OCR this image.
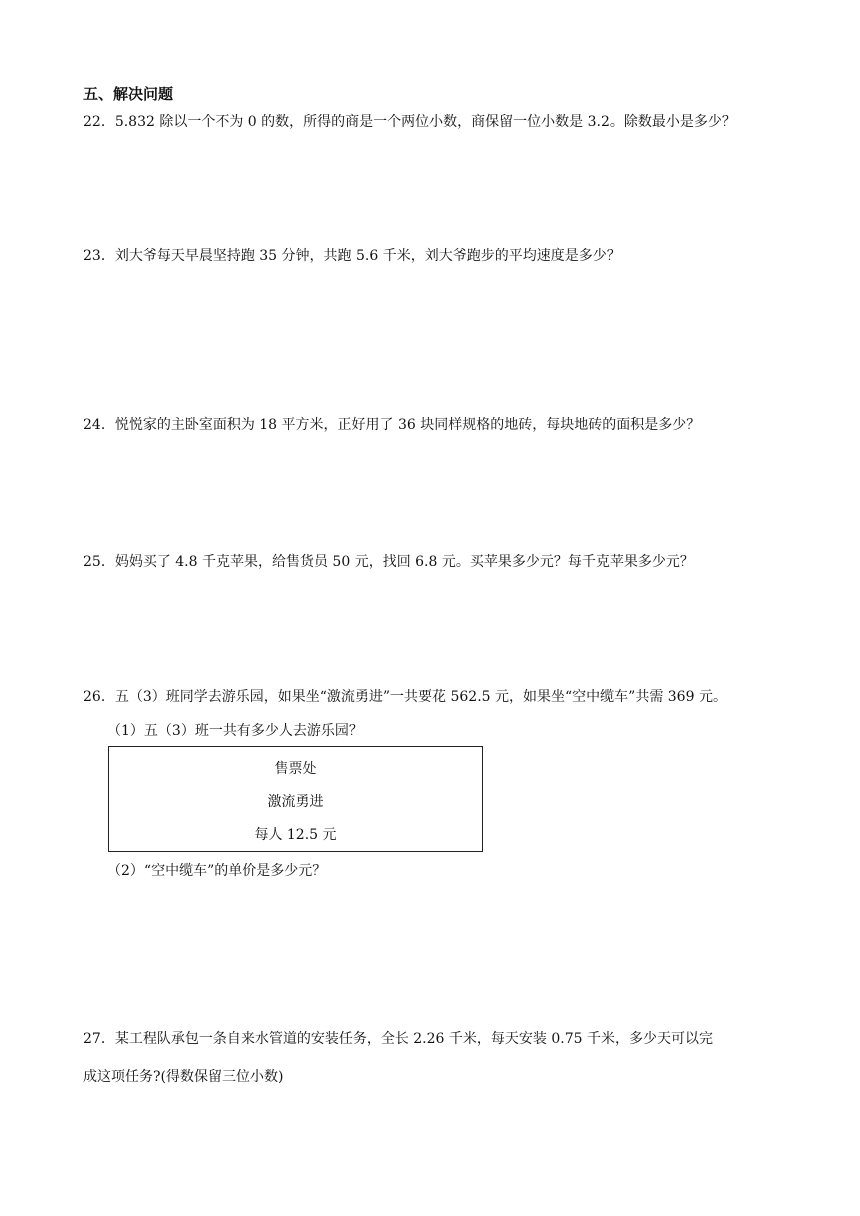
五、解决问题
22．5.832 除以一个不为 0 的数，所得的商是一个两位小数，商保留一位小数是 3.2。除数最小是多少？
23．刘大爷每天早晨坚持跑 35 分钟，共跑 5.6 千米，刘大爷跑步的平均速度是多少？
24．悦悦家的主卧室面积为 18 平方米，正好用了 36 块同样规格的地砖，每块地砖的面积是多少？
25．妈妈买了 4.8 千克苹果，给售货员 50 元，找回 6.8 元。买苹果多少元？每千克苹果多少元？
26．五（3）班同学去游乐园，如果坐“激流勇进”一共要花 562.5 元，如果坐“空中缆车”共需 369 元。
（1）五（3）班一共有多少人去游乐园？
售票处
激流勇进
每人 12.5 元
（2）“空中缆车”的单价是多少元？
27．某工程队承包一条自来水管道的安装任务，全长 2.26 千米，每天安装 0.75 千米，多少天可以完
成这项任务?(得数保留三位小数)
